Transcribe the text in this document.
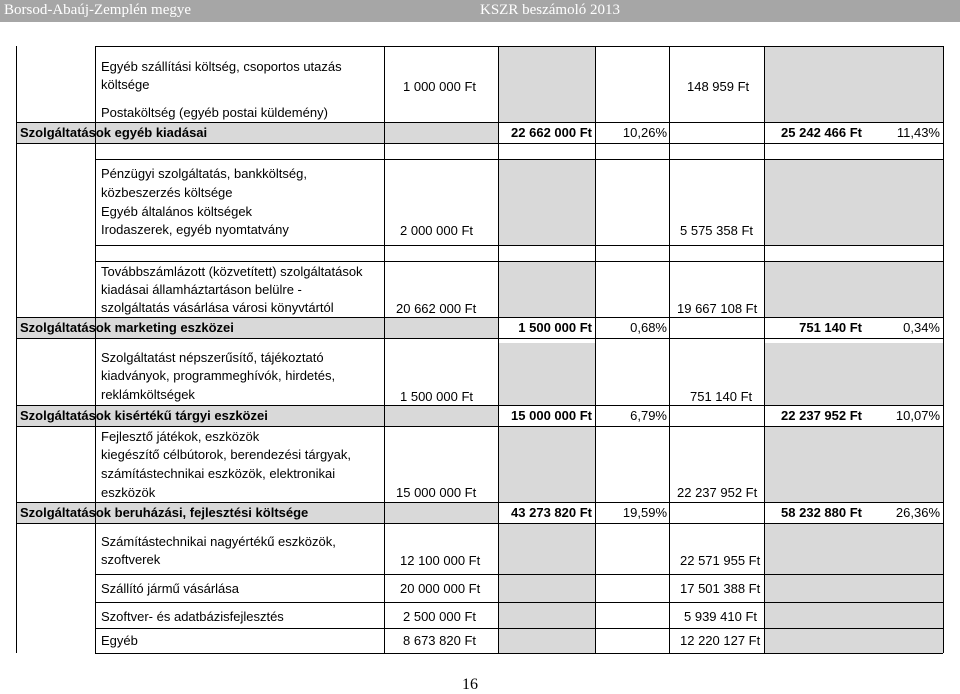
Borsod-Abaúj-Zemplén megye	KSZR beszámoló 2013
Egyéb szállítási költség, csoportos utazás
költsége	1 000 000 Ft	148 959 Ft
Postaköltség (egyéb postai küldemény)
Szolgáltatások egyéb kiadásai	22 662 000 Ft	10,26%	25 242 466 Ft	11,43%
Pénzügyi szolgáltatás, bankköltség,
közbeszerzés költsége
Egyéb általános költségek
Irodaszerek, egyéb nyomtatvány	2 000 000 Ft	5 575 358 Ft
Továbbszámlázott (közvetített) szolgáltatások
kiadásai államháztartáson belülre -
szolgáltatás vásárlása városi könyvtártól	20 662 000 Ft	19 667 108 Ft
Szolgáltatások marketing eszközei	1 500 000 Ft	0,68%	751 140 Ft	0,34%
Szolgáltatást népszerűsítő, tájékoztató
kiadványok, programmeghívók, hirdetés,
reklámköltségek	1 500 000 Ft	751 140 Ft
Szolgáltatások kisértékű tárgyi eszközei	15 000 000 Ft	6,79%	22 237 952 Ft	10,07%
Fejlesztő játékok, eszközök
kiegészítő célbútorok, berendezési tárgyak,
számítástechnikai eszközök, elektronikai
eszközök	15 000 000 Ft	22 237 952 Ft
Szolgáltatások beruházási, fejlesztési költsége	43 273 820 Ft	19,59%	58 232 880 Ft	26,36%
Számítástechnikai nagyértékű eszközök,
szoftverek	12 100 000 Ft	22 571 955 Ft
Szállító jármű vásárlása	20 000 000 Ft	17 501 388 Ft
Szoftver- és adatbázisfejlesztés	2 500 000 Ft	5 939 410 Ft
Egyéb	8 673 820 Ft	12 220 127 Ft
16
